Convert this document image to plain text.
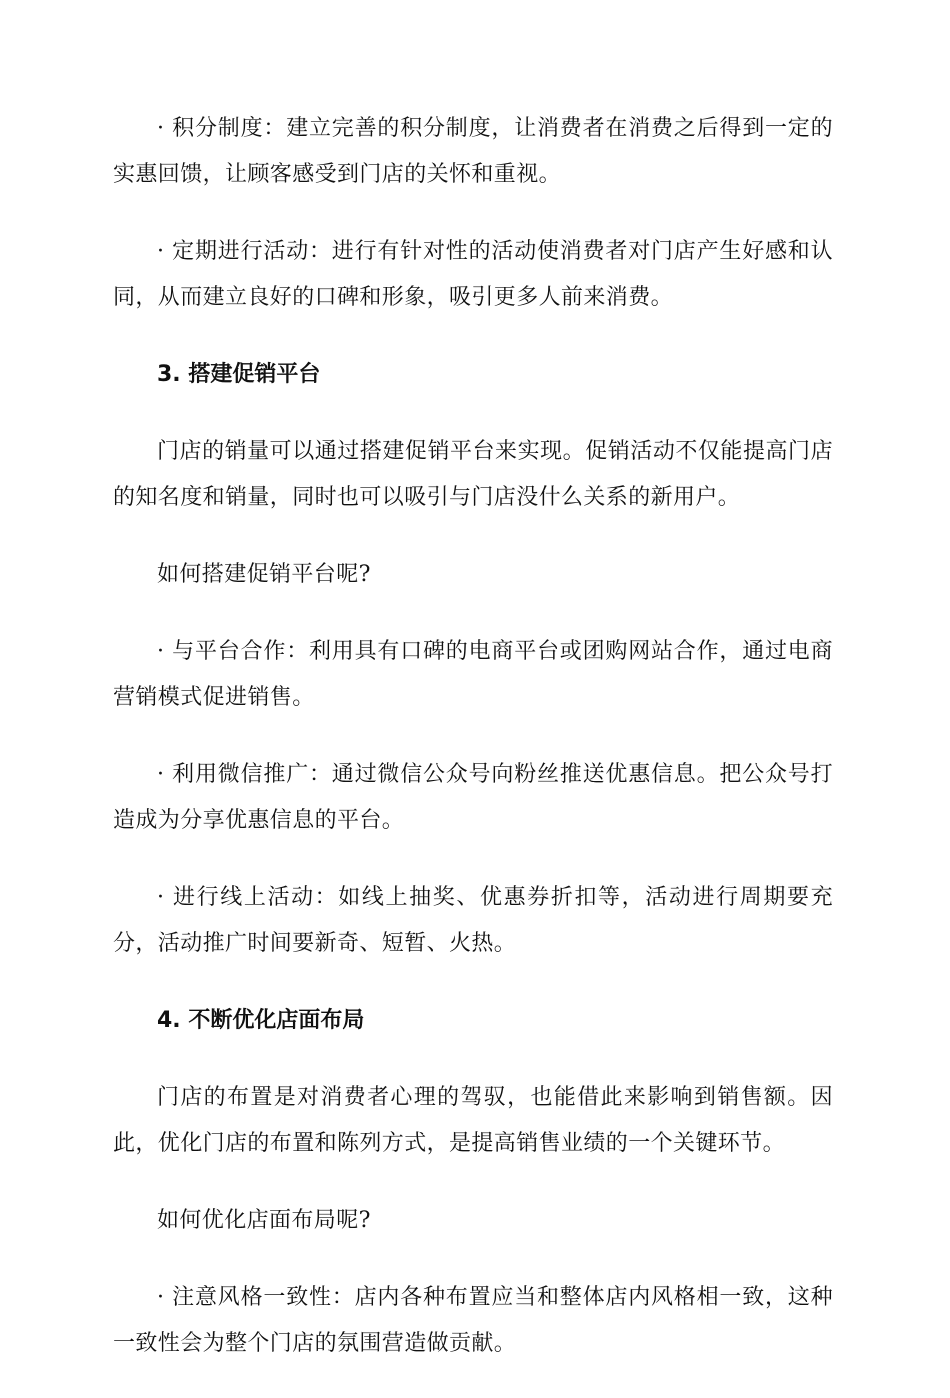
· 积分制度：建立完善的积分制度，让消费者在消费之后得到一定的实惠回馈，让顾客感受到门店的关怀和重视。

· 定期进行活动：进行有针对性的活动使消费者对门店产生好感和认同，从而建立良好的口碑和形象，吸引更多人前来消费。

3. 搭建促销平台

门店的销量可以通过搭建促销平台来实现。促销活动不仅能提高门店的知名度和销量，同时也可以吸引与门店没什么关系的新用户。

如何搭建促销平台呢?

· 与平台合作：利用具有口碑的电商平台或团购网站合作，通过电商营销模式促进销售。

· 利用微信推广：通过微信公众号向粉丝推送优惠信息。把公众号打造成为分享优惠信息的平台。

· 进行线上活动：如线上抽奖、优惠券折扣等，活动进行周期要充分，活动推广时间要新奇、短暂、火热。

4. 不断优化店面布局

门店的布置是对消费者心理的驾驭，也能借此来影响到销售额。因此，优化门店的布置和陈列方式，是提高销售业绩的一个关键环节。

如何优化店面布局呢?

· 注意风格一致性：店内各种布置应当和整体店内风格相一致，这种一致性会为整个门店的氛围营造做贡献。
